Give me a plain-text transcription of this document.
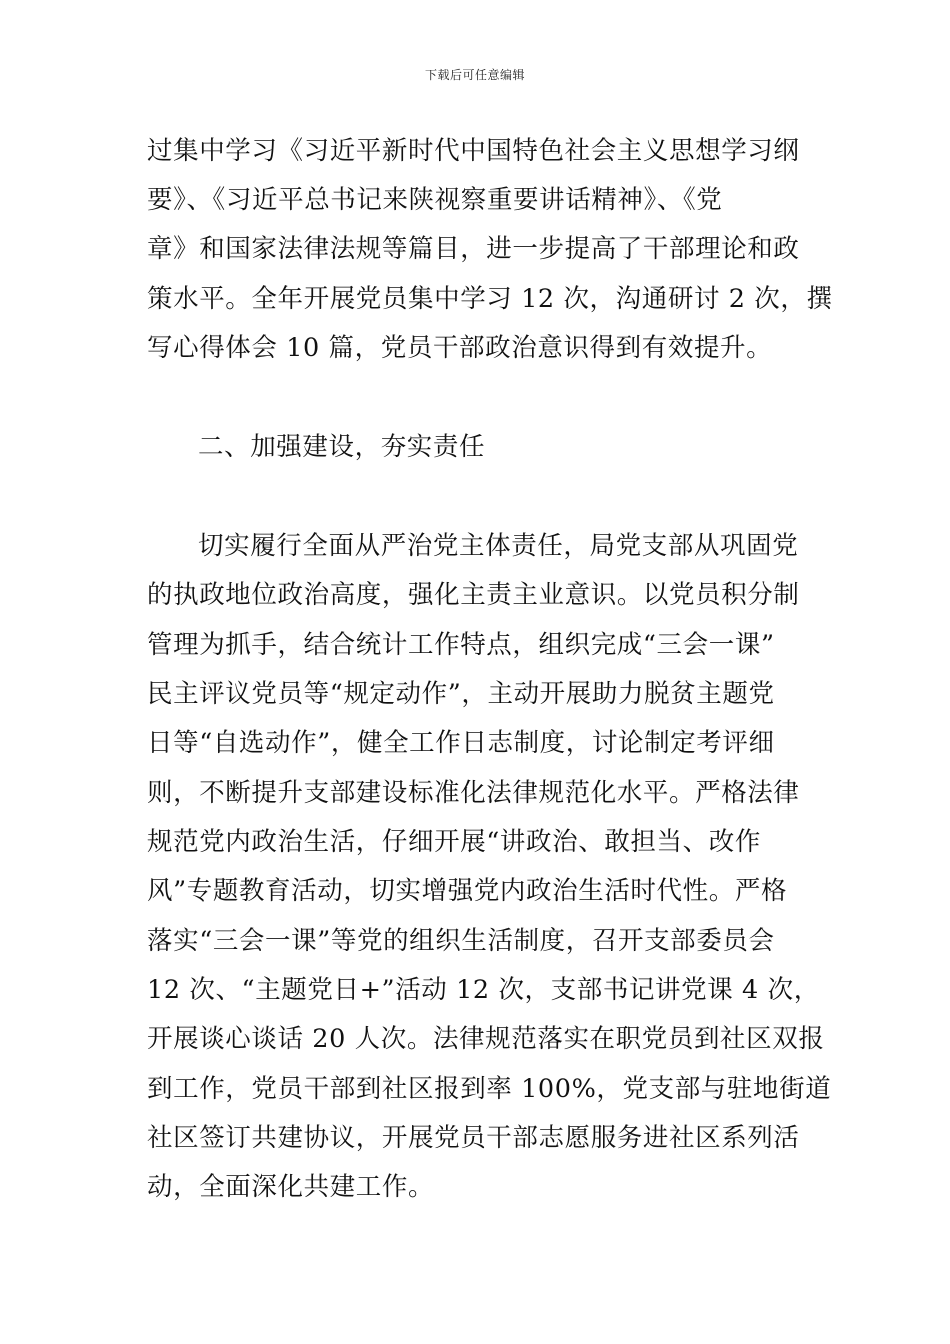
下载后可任意编辑
过集中学习《习近平新时代中国特色社会主义思想学习纲
要》、《习近平总书记来陕视察重要讲话精神》、《党
章》和国家法律法规等篇目，进一步提高了干部理论和政
策水平。全年开展党员集中学习 12 次，沟通研讨 2 次，撰
写心得体会 10 篇，党员干部政治意识得到有效提升。
二、加强建设，夯实责任
切实履行全面从严治党主体责任，局党支部从巩固党
的执政地位政治高度，强化主责主业意识。以党员积分制
管理为抓手，结合统计工作特点，组织完成“三会一课”
民主评议党员等“规定动作”，主动开展助力脱贫主题党
日等“自选动作”，健全工作日志制度，讨论制定考评细
则，不断提升支部建设标准化法律规范化水平。严格法律
规范党内政治生活，仔细开展“讲政治、敢担当、改作
风”专题教育活动，切实增强党内政治生活时代性。严格
落实“三会一课”等党的组织生活制度，召开支部委员会
12 次、“主题党日+”活动 12 次，支部书记讲党课 4 次，
开展谈心谈话 20 人次。法律规范落实在职党员到社区双报
到工作，党员干部到社区报到率 100%，党支部与驻地街道
社区签订共建协议，开展党员干部志愿服务进社区系列活
动，全面深化共建工作。
